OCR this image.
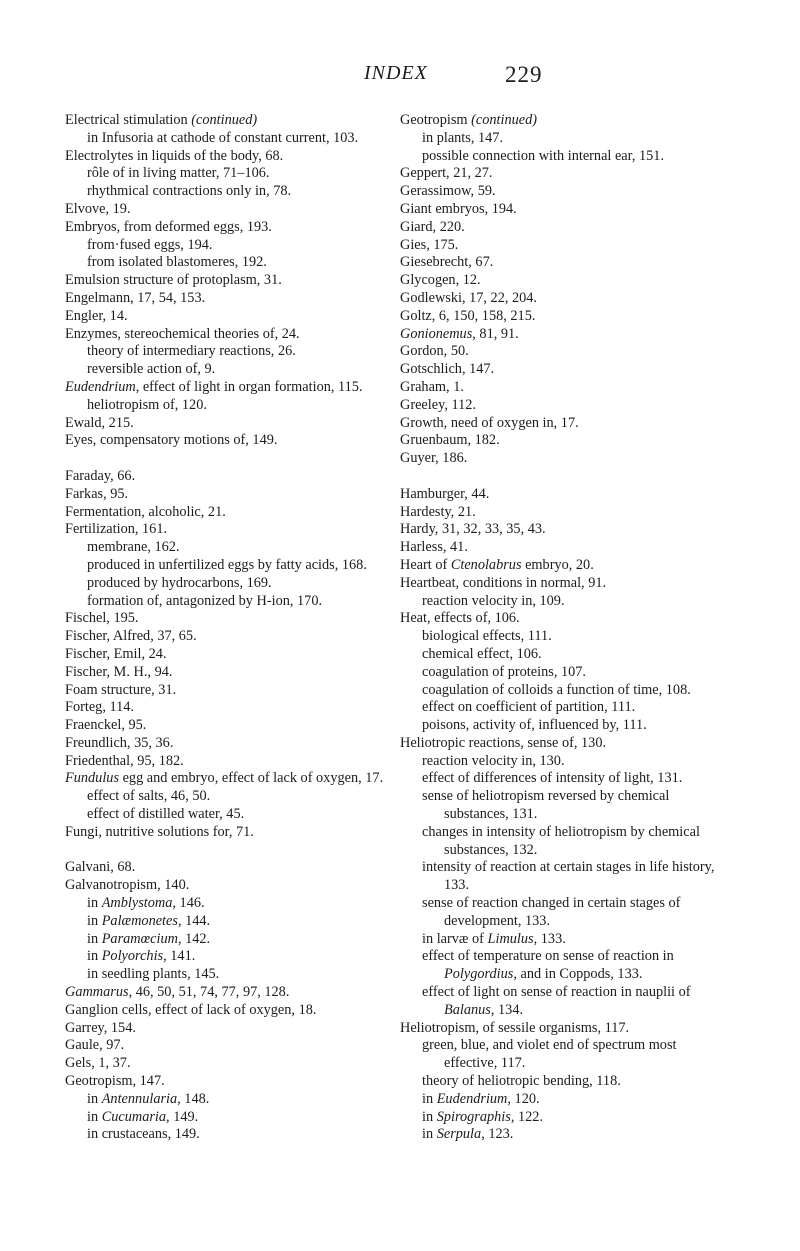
INDEX	229
Electrical stimulation (continued)
in Infusoria at cathode of constant current, 103.
Electrolytes in liquids of the body, 68.
rôle of in living matter, 71–106.
rhythmical contractions only in, 78.
Elvove, 19.
Embryos, from deformed eggs, 193.
from·fused eggs, 194.
from isolated blastomeres, 192.
Emulsion structure of protoplasm, 31.
Engelmann, 17, 54, 153.
Engler, 14.
Enzymes, stereochemical theories of, 24.
theory of intermediary reactions, 26.
reversible action of, 9.
Eudendrium, effect of light in organ formation, 115.
heliotropism of, 120.
Ewald, 215.
Eyes, compensatory motions of, 149.
Faraday, 66.
Farkas, 95.
Fermentation, alcoholic, 21.
Fertilization, 161.
membrane, 162.
produced in unfertilized eggs by fatty acids, 168.
produced by hydrocarbons, 169.
formation of, antagonized by H-ion, 170.
Fischel, 195.
Fischer, Alfred, 37, 65.
Fischer, Emil, 24.
Fischer, M. H., 94.
Foam structure, 31.
Forteg, 114.
Fraenckel, 95.
Freundlich, 35, 36.
Friedenthal, 95, 182.
Fundulus egg and embryo, effect of lack of oxygen, 17.
effect of salts, 46, 50.
effect of distilled water, 45.
Fungi, nutritive solutions for, 71.
Galvani, 68.
Galvanotropism, 140.
in Amblystoma, 146.
in Palæmonetes, 144.
in Paramœcium, 142.
in Polyorchis, 141.
in seedling plants, 145.
Gammarus, 46, 50, 51, 74, 77, 97, 128.
Ganglion cells, effect of lack of oxygen, 18.
Garrey, 154.
Gaule, 97.
Gels, 1, 37.
Geotropism, 147.
in Antennularia, 148.
in Cucumaria, 149.
in crustaceans, 149.
Geotropism (continued)
in plants, 147.
possible connection with internal ear, 151.
Geppert, 21, 27.
Gerassimow, 59.
Giant embryos, 194.
Giard, 220.
Gies, 175.
Giesebrecht, 67.
Glycogen, 12.
Godlewski, 17, 22, 204.
Goltz, 6, 150, 158, 215.
Gonionemus, 81, 91.
Gordon, 50.
Gotschlich, 147.
Graham, 1.
Greeley, 112.
Growth, need of oxygen in, 17.
Gruenbaum, 182.
Guyer, 186.
Hamburger, 44.
Hardesty, 21.
Hardy, 31, 32, 33, 35, 43.
Harless, 41.
Heart of Ctenolabrus embryo, 20.
Heartbeat, conditions in normal, 91.
reaction velocity in, 109.
Heat, effects of, 106.
biological effects, 111.
chemical effect, 106.
coagulation of proteins, 107.
coagulation of colloids a function of time, 108.
effect on coefficient of partition, 111.
poisons, activity of, influenced by, 111.
Heliotropic reactions, sense of, 130.
reaction velocity in, 130.
effect of differences of intensity of light, 131.
sense of heliotropism reversed by chemical substances, 131.
changes in intensity of heliotropism by chemical substances, 132.
intensity of reaction at certain stages in life history, 133.
sense of reaction changed in certain stages of development, 133.
in larvæ of Limulus, 133.
effect of temperature on sense of reaction in Polygordius, and in Coppods, 133.
effect of light on sense of reaction in nauplii of Balanus, 134.
Heliotropism, of sessile organisms, 117.
green, blue, and violet end of spectrum most effective, 117.
theory of heliotropic bending, 118.
in Eudendrium, 120.
in Spirographis, 122.
in Serpula, 123.
